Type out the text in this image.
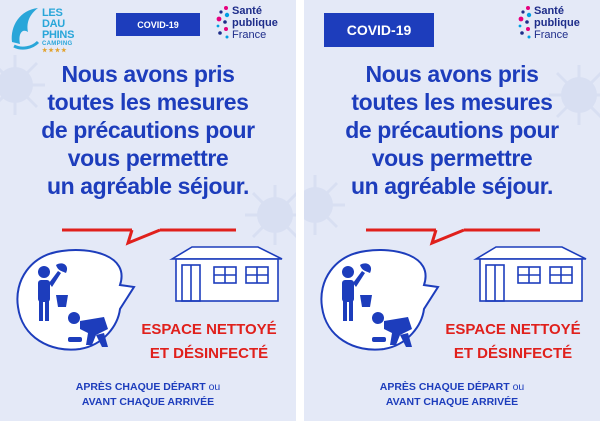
LES
DAU
PHINS
CAMPING
★★★★
COVID-19
Santé
publique
France
Nous avons pris
toutes les mesures
de précautions pour
vous permettre
un agréable séjour.
ESPACE NETTOYÉ
ET DÉSINFECTÉ
APRÈS CHAQUE DÉPART ou
AVANT CHAQUE ARRIVÉE
COVID-19
Santé
publique
France
Nous avons pris
toutes les mesures
de précautions pour
vous permettre
un agréable séjour.
ESPACE NETTOYÉ
ET DÉSINFECTÉ
APRÈS CHAQUE DÉPART ou
AVANT CHAQUE ARRIVÉE
